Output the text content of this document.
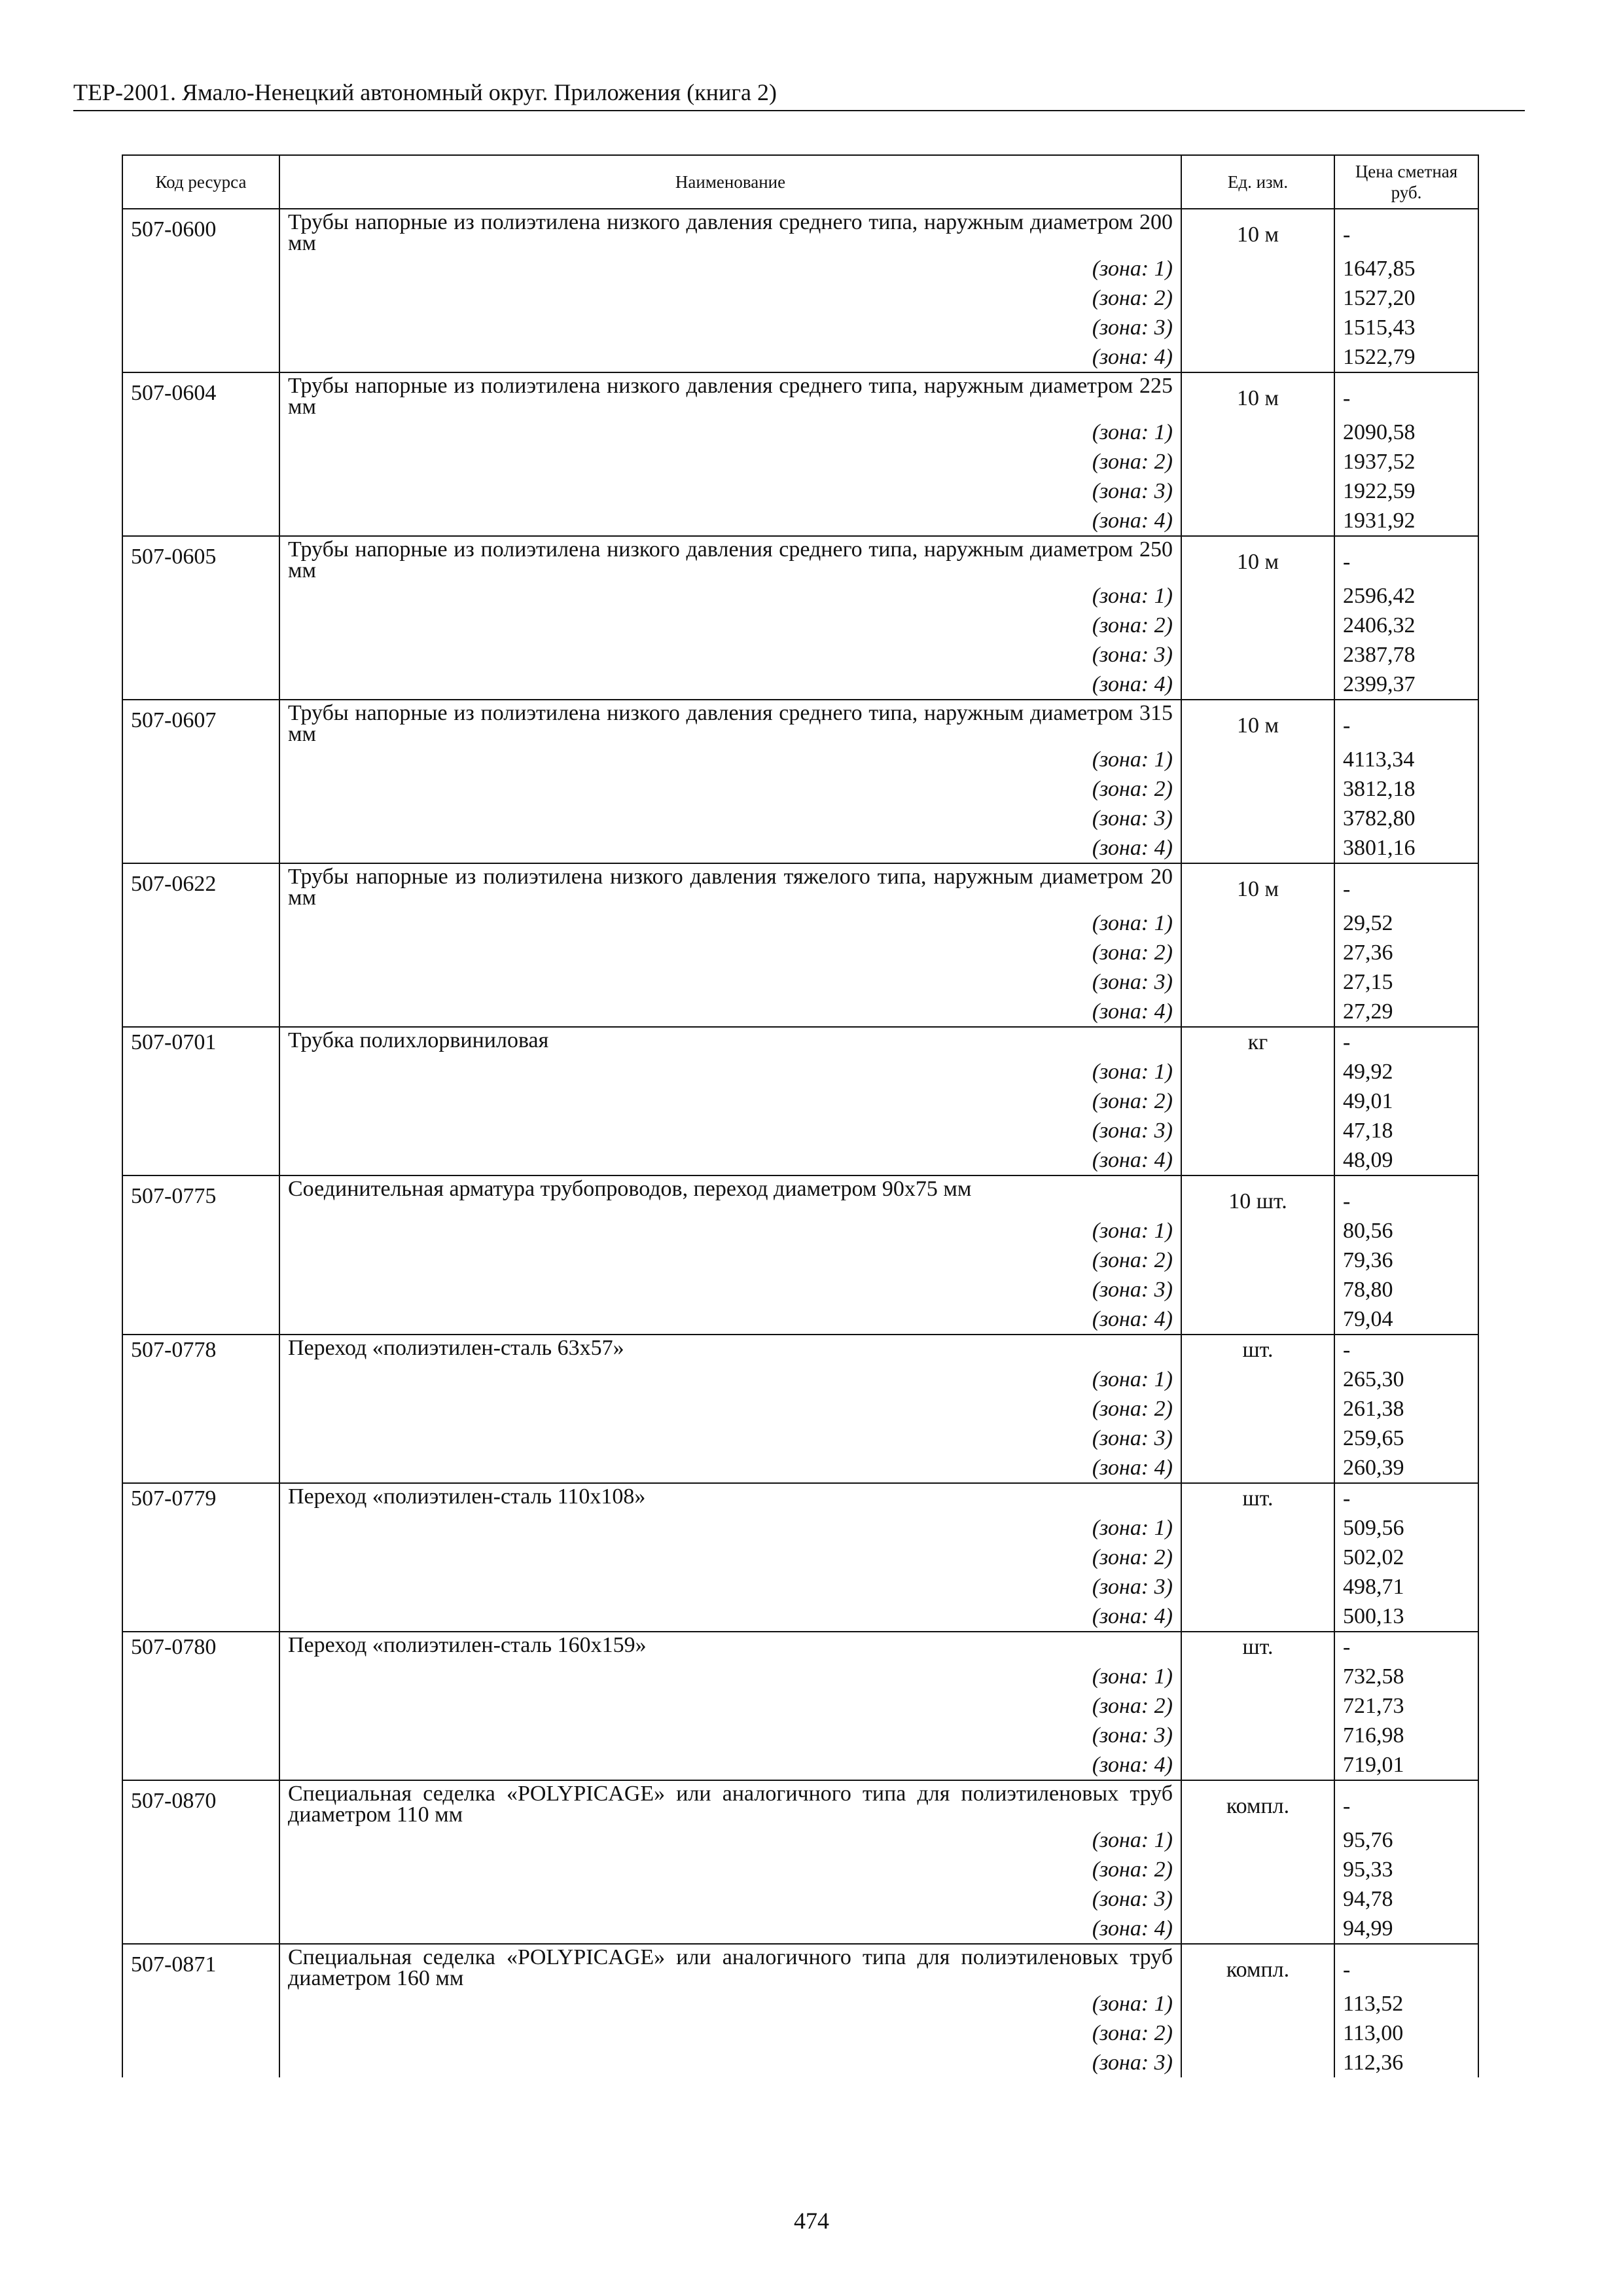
ТЕР-2001. Ямало-Ненецкий автономный округ. Приложения (книга 2)
Код ресурса	Наименование	Ед. изм.	Цена сметная руб.
507-0600	Трубы напорные из полиэтилена низкого давления среднего типа, наружным диаметром 200 мм	10 м	-
	(зона: 1)		1647,85
	(зона: 2)		1527,20
	(зона: 3)		1515,43
	(зона: 4)		1522,79
507-0604	Трубы напорные из полиэтилена низкого давления среднего типа, наружным диаметром 225 мм	10 м	-
	(зона: 1)		2090,58
	(зона: 2)		1937,52
	(зона: 3)		1922,59
	(зона: 4)		1931,92
507-0605	Трубы напорные из полиэтилена низкого давления среднего типа, наружным диаметром 250 мм	10 м	-
	(зона: 1)		2596,42
	(зона: 2)		2406,32
	(зона: 3)		2387,78
	(зона: 4)		2399,37
507-0607	Трубы напорные из полиэтилена низкого давления среднего типа, наружным диаметром 315 мм	10 м	-
	(зона: 1)		4113,34
	(зона: 2)		3812,18
	(зона: 3)		3782,80
	(зона: 4)		3801,16
507-0622	Трубы напорные из полиэтилена низкого давления тяжелого типа, наружным диаметром 20 мм	10 м	-
	(зона: 1)		29,52
	(зона: 2)		27,36
	(зона: 3)		27,15
	(зона: 4)		27,29
507-0701	Трубка полихлорвиниловая	кг	-
	(зона: 1)		49,92
	(зона: 2)		49,01
	(зона: 3)		47,18
	(зона: 4)		48,09
507-0775	Соединительная арматура трубопроводов, переход диаметром 90х75 мм	10 шт.	-
	(зона: 1)		80,56
	(зона: 2)		79,36
	(зона: 3)		78,80
	(зона: 4)		79,04
507-0778	Переход «полиэтилен-сталь 63х57»	шт.	-
	(зона: 1)		265,30
	(зона: 2)		261,38
	(зона: 3)		259,65
	(зона: 4)		260,39
507-0779	Переход «полиэтилен-сталь 110х108»	шт.	-
	(зона: 1)		509,56
	(зона: 2)		502,02
	(зона: 3)		498,71
	(зона: 4)		500,13
507-0780	Переход «полиэтилен-сталь 160х159»	шт.	-
	(зона: 1)		732,58
	(зона: 2)		721,73
	(зона: 3)		716,98
	(зона: 4)		719,01
507-0870	Специальная седелка «POLYPICAGE» или аналогичного типа для полиэтиленовых труб диаметром 110 мм	компл.	-
	(зона: 1)		95,76
	(зона: 2)		95,33
	(зона: 3)		94,78
	(зона: 4)		94,99
507-0871	Специальная седелка «POLYPICAGE» или аналогичного типа для полиэтиленовых труб диаметром 160 мм	компл.	-
	(зона: 1)		113,52
	(зона: 2)		113,00
	(зона: 3)		112,36
474
